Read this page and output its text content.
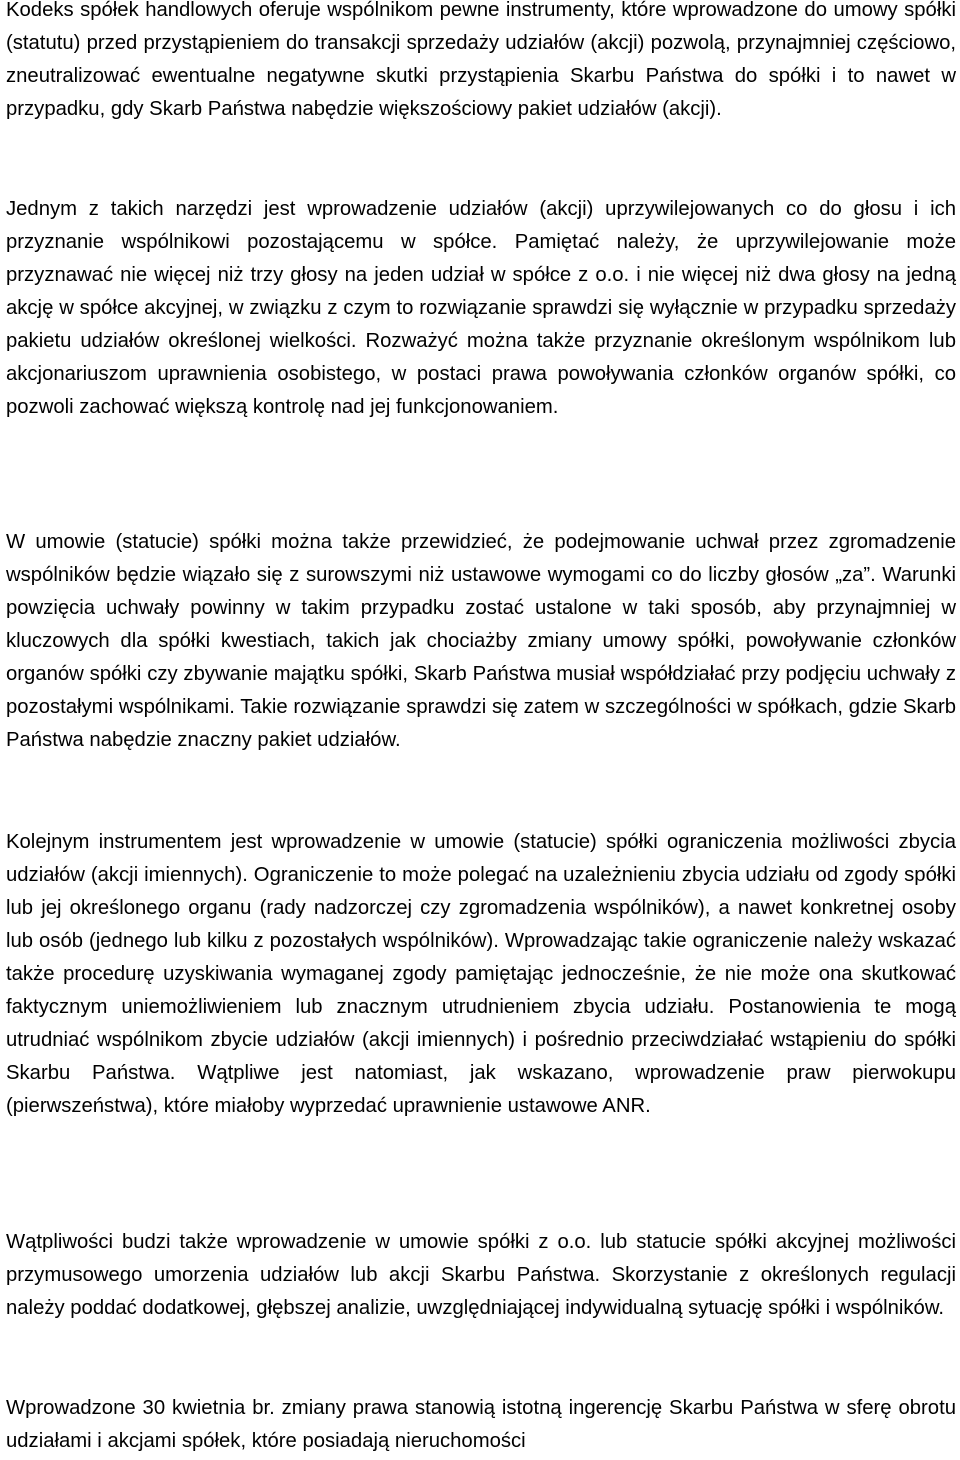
Kodeks spółek handlowych oferuje wspólnikom pewne instrumenty, które wprowadzone do umowy spółki (statutu) przed przystąpieniem do transakcji sprzedaży udziałów (akcji) pozwolą, przynajmniej częściowo, zneutralizować ewentualne negatywne skutki przystąpienia Skarbu Państwa do spółki i to nawet w przypadku, gdy Skarb Państwa nabędzie większościowy pakiet udziałów (akcji).

Jednym z takich narzędzi jest wprowadzenie udziałów (akcji) uprzywilejowanych co do głosu i ich przyznanie wspólnikowi pozostającemu w spółce. Pamiętać należy, że uprzywilejowanie może przyznawać nie więcej niż trzy głosy na jeden udział w spółce z o.o. i nie więcej niż dwa głosy na jedną akcję w spółce akcyjnej, w związku z czym to rozwiązanie sprawdzi się wyłącznie w przypadku sprzedaży pakietu udziałów określonej wielkości. Rozważyć można także przyznanie określonym wspólnikom lub akcjonariuszom uprawnienia osobistego, w postaci prawa powoływania członków organów spółki, co pozwoli zachować większą kontrolę nad jej funkcjonowaniem.

W umowie (statucie) spółki można także przewidzieć, że podejmowanie uchwał przez zgromadzenie wspólników będzie wiązało się z surowszymi niż ustawowe wymogami co do liczby głosów „za”. Warunki powzięcia uchwały powinny w takim przypadku zostać ustalone w taki sposób, aby przynajmniej w kluczowych dla spółki kwestiach, takich jak chociażby zmiany umowy spółki, powoływanie członków organów spółki czy zbywanie majątku spółki, Skarb Państwa musiał współdziałać przy podjęciu uchwały z pozostałymi wspólnikami. Takie rozwiązanie sprawdzi się zatem w szczególności w spółkach, gdzie Skarb Państwa nabędzie znaczny pakiet udziałów.

Kolejnym instrumentem jest wprowadzenie w umowie (statucie) spółki ograniczenia możliwości zbycia udziałów (akcji imiennych). Ograniczenie to może polegać na uzależnieniu zbycia udziału od zgody spółki lub jej określonego organu (rady nadzorczej czy zgromadzenia wspólników), a nawet konkretnej osoby lub osób (jednego lub kilku z pozostałych wspólników). Wprowadzając takie ograniczenie należy wskazać także procedurę uzyskiwania wymaganej zgody pamiętając jednocześnie, że nie może ona skutkować faktycznym uniemożliwieniem lub znacznym utrudnieniem zbycia udziału. Postanowienia te mogą utrudniać wspólnikom zbycie udziałów (akcji imiennych) i pośrednio przeciwdziałać wstąpieniu do spółki Skarbu Państwa. Wątpliwe jest natomiast, jak wskazano, wprowadzenie praw pierwokupu (pierwszeństwa), które miałoby wyprzedać uprawnienie ustawowe ANR.

Wątpliwości budzi także wprowadzenie w umowie spółki z o.o. lub statucie spółki akcyjnej możliwości przymusowego umorzenia udziałów lub akcji Skarbu Państwa. Skorzystanie z określonych regulacji należy poddać dodatkowej, głębszej analizie, uwzględniającej indywidualną sytuację spółki i wspólników.

Wprowadzone 30 kwietnia br. zmiany prawa stanowią istotną ingerencję Skarbu Państwa w sferę obrotu udziałami i akcjami spółek, które posiadają nieruchomości
